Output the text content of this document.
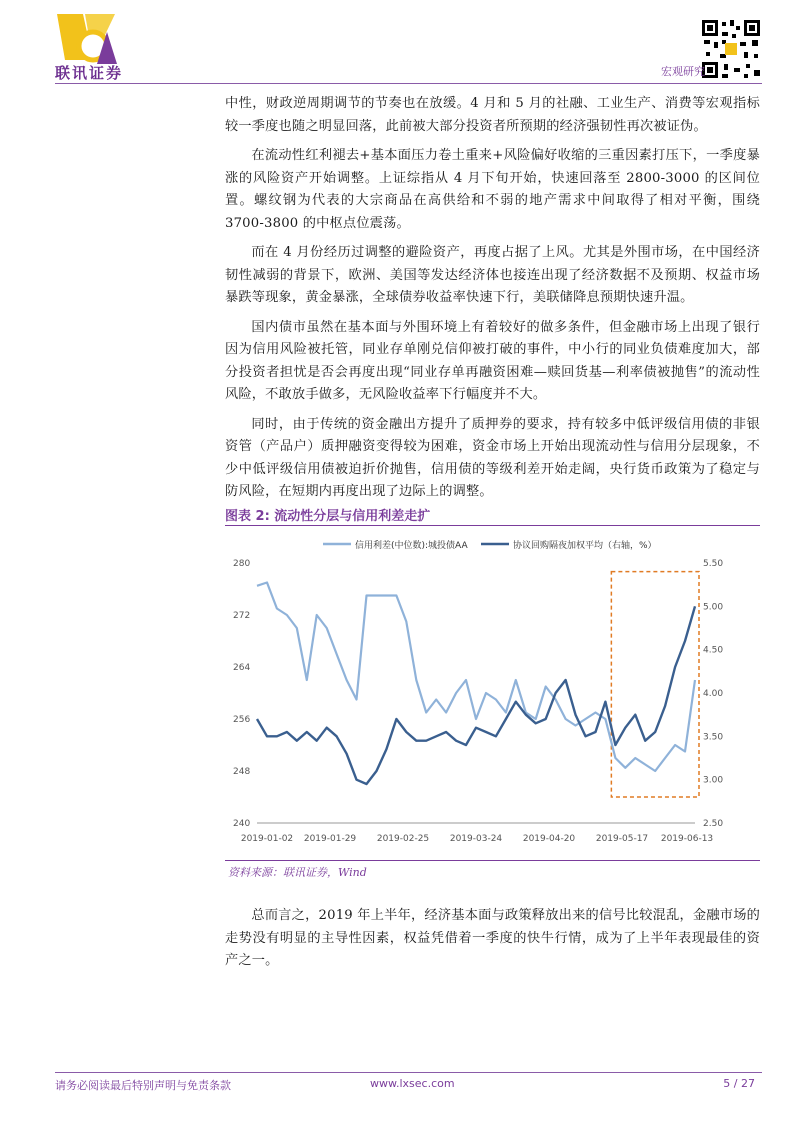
联讯证券	宏观研究

中性，财政逆周期调节的节奏也在放缓。4 月和 5 月的社融、工业生产、消费等宏观指标较一季度也随之明显回落，此前被大部分投资者所预期的经济强韧性再次被证伪。

在流动性红利褪去+基本面压力卷土重来+风险偏好收缩的三重因素打压下，一季度暴涨的风险资产开始调整。上证综指从 4 月下旬开始，快速回落至 2800-3000 的区间位置。螺纹钢为代表的大宗商品在高供给和不弱的地产需求中间取得了相对平衡，围绕 3700-3800 的中枢点位震荡。

而在 4 月份经历过调整的避险资产，再度占据了上风。尤其是外围市场，在中国经济韧性减弱的背景下，欧洲、美国等发达经济体也接连出现了经济数据不及预期、权益市场暴跌等现象，黄金暴涨，全球债券收益率快速下行，美联储降息预期快速升温。

国内债市虽然在基本面与外围环境上有着较好的做多条件，但金融市场上出现了银行因为信用风险被托管，同业存单刚兑信仰被打破的事件，中小行的同业负债难度加大，部分投资者担忧是否会再度出现“同业存单再融资困难—赎回货基—利率债被抛售”的流动性风险，不敢放手做多，无风险收益率下行幅度并不大。

同时，由于传统的资金融出方提升了质押券的要求，持有较多中低评级信用债的非银资管（产品户）质押融资变得较为困难，资金市场上开始出现流动性与信用分层现象，不少中低评级信用债被迫折价抛售，信用债的等级利差开始走阔，央行货币政策为了稳定与防风险，在短期内再度出现了边际上的调整。

图表 2: 流动性分层与信用利差走扩
信用利差(中位数):城投债AA	协议回购隔夜加权平均（右轴，%）
240
248
256
264
272
280
2.50
3.00
3.50
4.00
4.50
5.00
5.50
2019-01-02 2019-01-29 2019-02-25 2019-03-24 2019-04-20 2019-05-17 2019-06-13
资料来源：联讯证券，Wind

总而言之，2019 年上半年，经济基本面与政策释放出来的信号比较混乱，金融市场的走势没有明显的主导性因素，权益凭借着一季度的快牛行情，成为了上半年表现最佳的资产之一。

请务必阅读最后特别声明与免责条款	www.lxsec.com	5 / 27
